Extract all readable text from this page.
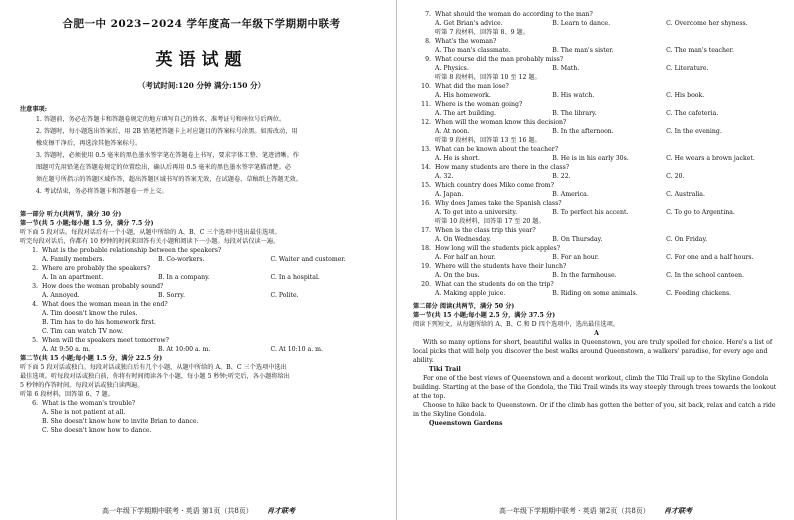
合肥一中 2023−2024 学年度高一年级下学期期中联考
英语试题
（考试时间:120 分钟 满分:150 分）
注意事项:
1. 答题前，务必在答题卡和答题卷规定的地方填写自己的姓名、准考证号和座位号后两位。
2. 答题时，每小题选出答案后，用 2B 铅笔把答题卡上对应题目的答案标号涂黑。如需改动，用
橡皮擦干净后，再选涂其他答案标号。
3. 答题时，必须使用 0.5 毫米的黑色墨水签字笔在答题卷上书写，要求字体工整、笔迹清晰。作
图题可先用铅笔在答题卷规定的位置绘出，确认后再用 0.5 毫米的黑色墨水签字笔描清楚。必
须在题号所指示的答题区域作答，超出答题区域书写的答案无效，在试题卷、草稿纸上答题无效。
4. 考试结束，务必将答题卡和答题卷一并上交。
第一部分 听力(共两节，满分 30 分)
第一节(共 5 小题;每小题 1.5 分，满分 7.5 分)
听下面 5 段对话。每段对话后有一个小题，从题中所给的 A、B、C 三个选项中选出最佳选项。
听完每段对话后，你都有 10 秒钟的时间来回答有关小题和阅读下一小题。每段对话仅读一遍。
1. What is the probable relationship between the speakers?
A. Family members.	B. Co-workers.	C. Waiter and customer.
2. Where are probably the speakers?
A. In an apartment.	B. In a company.	C. In a hospital.
3. How does the woman probably sound?
A. Annoyed.	B. Sorry.	C. Polite.
4. What does the woman mean in the end?
A. Tim doesn't know the rules.
B. Tim has to do his homework first.
C. Tim can watch TV now.
5. When will the speakers meet tomorrow?
A. At 9:50 a. m.	B. At 10:00 a. m.	C. At 10:10 a. m.
第二节(共 15 小题;每小题 1.5 分，满分 22.5 分)
听下面 5 段对话或独白。每段对话或独白后有几个小题，从题中所给的 A、B、C 三个选项中选出
最佳选项。听每段对话或独白前，你将有时间阅读各个小题，每小题 5 秒钟;听完后，各小题将给出
5 秒钟的作答时间。每段对话或独白读两遍。
听第 6 段材料，回答第 6、7 题。
6. What is the woman's trouble?
A. She is not patient at all.
B. She doesn't know how to invite Brian to dance.
C. She doesn't know how to dance.
高一年级下学期期中联考 · 英语 第1页（共8页） 肖才联考
7. What should the woman do according to the man?
A. Get Brian's advice.	B. Learn to dance.	C. Overcome her shyness.
听第 7 段材料，回答第 8、9 题。
8. What's the woman?
A. The man's classmate.	B. The man's sister.	C. The man's teacher.
9. What course did the man probably miss?
A. Physics.	B. Math.	C. Literature.
听第 8 段材料，回答第 10 至 12 题。
10. What did the man lose?
A. His homework.	B. His watch.	C. His book.
11. Where is the woman going?
A. The art building.	B. The library.	C. The cafeteria.
12. When will the woman know this decision?
A. At noon.	B. In the afternoon.	C. In the evening.
听第 9 段材料，回答第 13 至 16 题。
13. What can be known about the teacher?
A. He is short.	B. He is in his early 30s.	C. He wears a brown jacket.
14. How many students are there in the class?
A. 32.	B. 22.	C. 20.
15. Which country does Miko come from?
A. Japan.	B. America.	C. Australia.
16. Why does James take the Spanish class?
A. To get into a university.	B. To perfect his accent.	C. To go to Argentina.
听第 10 段材料，回答第 17 至 20 题。
17. When is the class trip this year?
A. On Wednesday.	B. On Thursday.	C. On Friday.
18. How long will the students pick apples?
A. For half an hour.	B. For an hour.	C. For one and a half hours.
19. Where will the students have their lunch?
A. On the bus.	B. In the farmhouse.	C. In the school canteen.
20. What can the students do on the trip?
A. Making apple juice.	B. Riding on some animals.	C. Feeding chickens.
第二部分 阅读(共两节，满分 50 分)
第一节(共 15 小题;每小题 2.5 分，满分 37.5 分)
阅读下列短文，从每题所给的 A、B、C 和 D 四个选项中，选出最佳选项。
A
With so many options for short, beautiful walks in Queenstown, you are truly spoiled for choice. Here's a list of local picks that will help you discover the best walks around Queenstown, a walkers' paradise, for every age and ability.
Tiki Trail
For one of the best views of Queenstown and a decent workout, climb the Tiki Trail up to the Skyline Gondola building. Starting at the base of the Gondola, the Tiki Trail winds its way steeply through trees towards the lookout at the top.
Choose to hike back to Queenstown. Or if the climb has gotten the better of you, sit back, relax and catch a ride in the Skyline Gondola.
Queenstown Gardens
高一年级下学期期中联考 · 英语 第2页（共8页） 肖才联考
